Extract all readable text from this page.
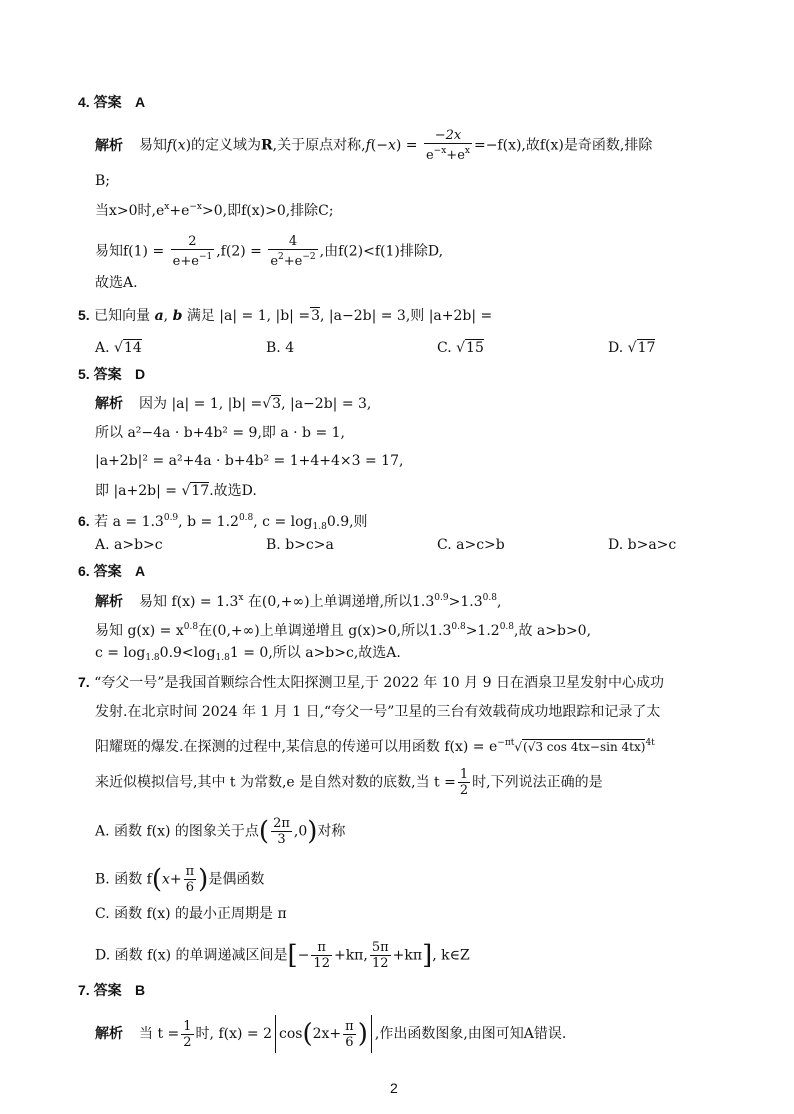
4. 答案 A
解析 易知f(x)的定义域为R,关于原点对称$,f(-x) = \frac{-2x}{e^{-x}+e^x} =-f(x)$,故f(x)是奇函数,排除
B;
当x>0时$,e^x+e^{-x}>0$,即f(x)>0,排除C;
易知$f(1) = \frac{2}{e+e^{-1}} ,f(2) = \frac{4}{e^2+e^{-2}}$ ,由f(2)<f(1)排除D,
故选A.
5. 已知向量 a, b 满足 |a| = 1, |b| =3, |a−2b| = 3,则 |a+2b| =
A. √14	B. 4	C. √15	D. √17
5. 答案 D
解析 因为 |a| = 1, |b| =√3, |a−2b| = 3,
所以 a²−4a · b+4b² = 9,即 a · b = 1,
|a+2b|² = a²+4a · b+4b² = 1+4+4×3 = 17,
即 |a+2b| = √17.故选D.
6. 若 $a = 1.3^{0.9}$, $b = 1.2^{0.8}$, $c = \log_{1.8}0.9$,则
A. a>b>c	B. b>c>a	C. a>c>b	D. b>a>c
6. 答案 A
解析 易知 $f(x) = 1.3^x$ 在(0,+∞)上单调递增,所以$1.3^{0.9}>1.3^{0.8}$,
易知 $g(x) = x^{0.8}$在(0,+∞)上单调递增且 g(x)>0,所以$1.3^{0.8}>1.2^{0.8}$,故 a>b>0,
$c = \log_{1.8}0.9<\log_{1.8}1 = 0$,所以 a>b>c,故选A.
7. “夸父一号”是我国首颗综合性太阳探测卫星,于 2022 年 10 月 9 日在酒泉卫星发射中心成功
发射.在北京时间 2024 年 1 月 1 日,“夸父一号”卫星的三台有效载荷成功地跟踪和记录了太
阳耀斑的爆发.在探测的过程中,某信息的传递可以用函数 $f(x) = e^{-\pi t}√(√3$ cos 4tx−sin 4tx)$^{4t}$
来近似模拟信号,其中 t 为常数,e 是自然对数的底数,当 $t = \frac{1}{2}$ 时,下列说法正确的是
A. 函数 f(x) 的图象关于点( $\frac{2\pi}{3} ,0$)对称
B. 函数 $f(x+ \frac{\pi}{6}$ )是偶函数
C. 函数 f(x) 的最小正周期是 π
D. 函数 f(x) 的单调递减区间是[− $\frac{\pi}{12} +k\pi$, $\frac{5\pi}{12} +k\pi$], k∈Z
7. 答案 B
解析 当 $t = \frac{1}{2}$ 时, f(x) = 2 $\cos(2x+ \frac{\pi}{6}$ ) ,作出函数图象,由图可知A错误.
2
